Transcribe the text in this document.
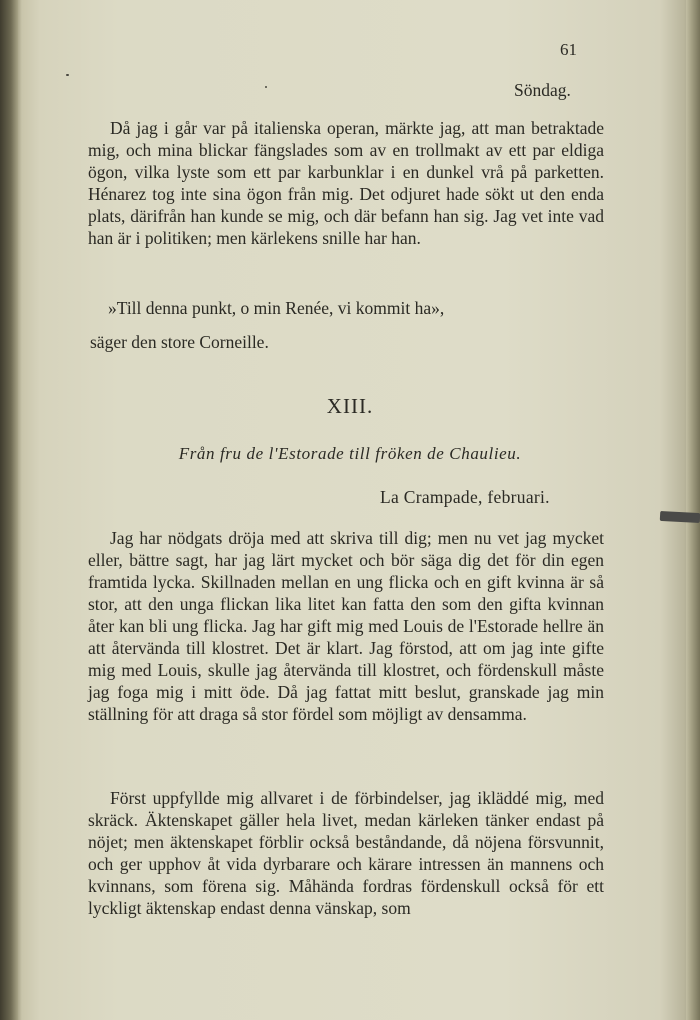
61
Söndag.

Då jag i går var på italienska operan, märkte jag, att man betraktade mig, och mina blickar fängslades som av en trollmakt av ett par eldiga ögon, vilka lyste som ett par karbunklar i en dunkel vrå på parketten. Hénarez tog inte sina ögon från mig. Det odjuret hade sökt ut den enda plats, därifrån han kunde se mig, och där befann han sig. Jag vet inte vad han är i politiken; men kärlekens snille har han.

»Till denna punkt, o min Renée, vi kommit ha»,
säger den store Corneille.
XIII.
Från fru de l'Estorade till fröken de Chaulieu.
La Crampade, februari.

Jag har nödgats dröja med att skriva till dig; men nu vet jag mycket eller, bättre sagt, har jag lärt mycket och bör säga dig det för din egen framtida lycka. Skillnaden mellan en ung flicka och en gift kvinna är så stor, att den unga flickan lika litet kan fatta den som den gifta kvinnan åter kan bli ung flicka. Jag har gift mig med Louis de l'Estorade hellre än att återvända till klostret. Det är klart. Jag förstod, att om jag inte gifte mig med Louis, skulle jag återvända till klostret, och fördenskull måste jag foga mig i mitt öde. Då jag fattat mitt beslut, granskade jag min ställning för att draga så stor fördel som möjligt av densamma.

Först uppfyllde mig allvaret i de förbindelser, jag ikläddé mig, med skräck. Äktenskapet gäller hela livet, medan kärleken tänker endast på nöjet; men äktenskapet förblir också beståndande, då nöjena försvunnit, och ger upphov åt vida dyrbarare och kärare intressen än mannens och kvinnans, som förena sig. Måhända fordras fördenskull också för ett lyckligt äktenskap endast denna vänskap, som
